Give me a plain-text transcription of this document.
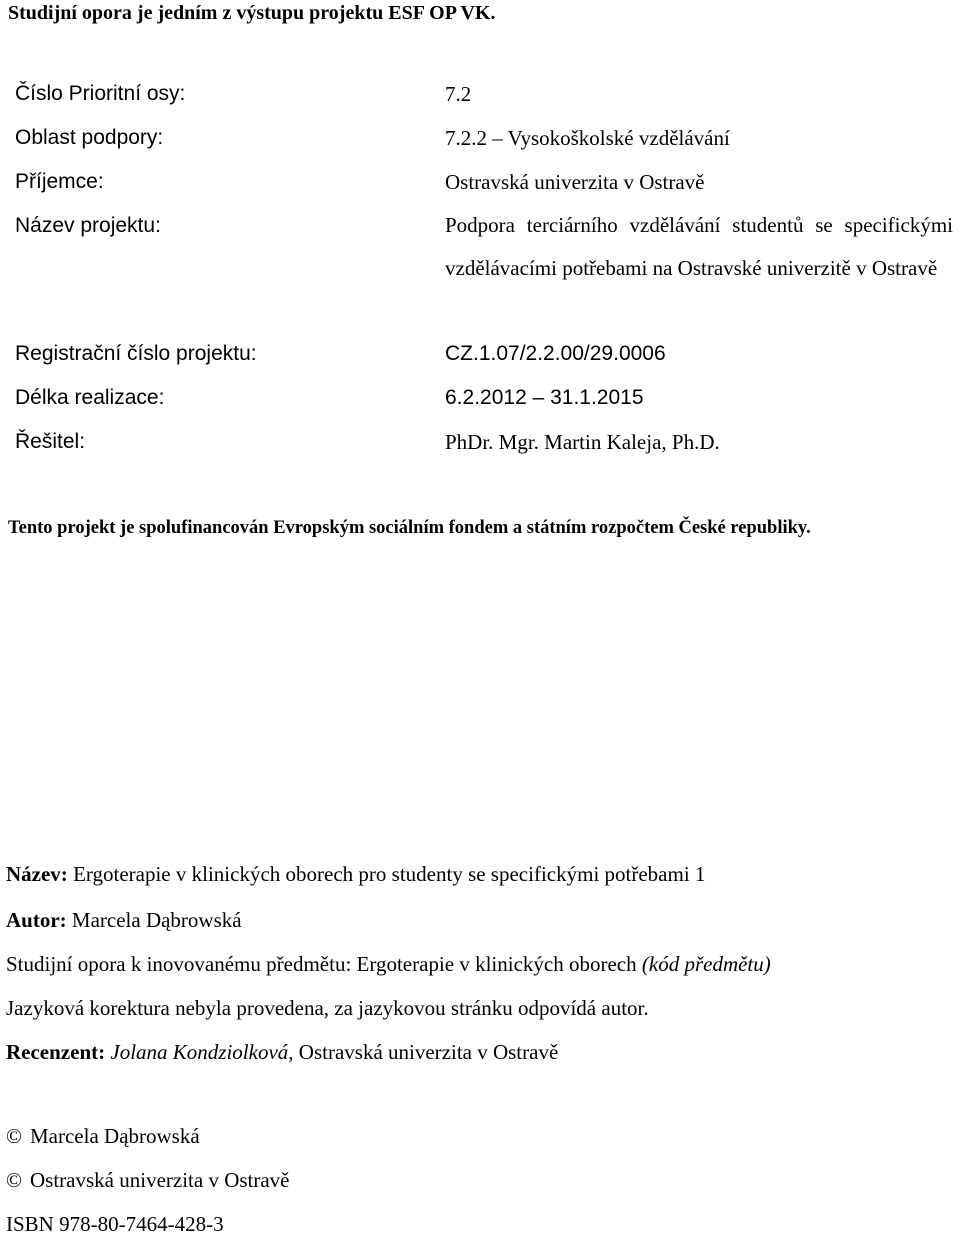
Studijní opora je jedním z výstupu projektu ESF OP VK.
Číslo Prioritní osy:	7.2
Oblast podpory:	7.2.2 – Vysokoškolské vzdělávání
Příjemce:	Ostravská univerzita v Ostravě
Název projektu:	Podpora terciárního vzdělávání studentů se specifickými vzdělávacími potřebami na Ostravské univerzitě v Ostravě
Registrační číslo projektu:	CZ.1.07/2.2.00/29.0006
Délka realizace:	6.2.2012 – 31.1.2015
Řešitel:	PhDr. Mgr. Martin Kaleja, Ph.D.
Tento projekt je spolufinancován Evropským sociálním fondem a státním rozpočtem České republiky.
Název: Ergoterapie v klinických oborech pro studenty se specifickými potřebami 1
Autor: Marcela Dąbrowská
Studijní opora k inovovanému předmětu: Ergoterapie v klinických oborech (kód předmětu)
Jazyková korektura nebyla provedena, za jazykovou stránku odpovídá autor.
Recenzent: Jolana Kondziolková, Ostravská univerzita v Ostravě
© Marcela Dąbrowská
© Ostravská univerzita v Ostravě
ISBN 978-80-7464-428-3
